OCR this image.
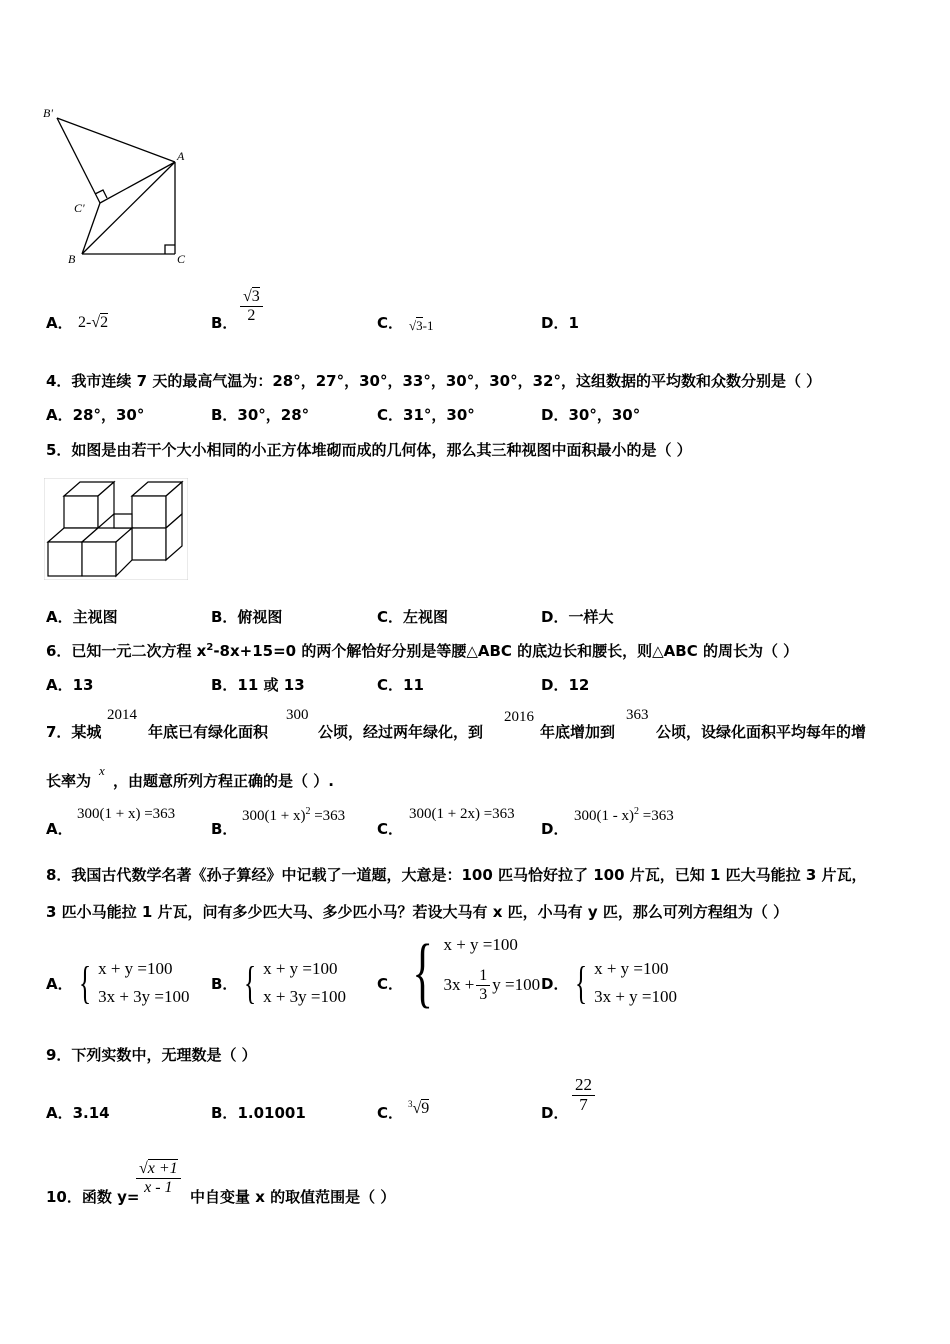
B'
A
C'
B	C
A． 2-√2	B． $\frac{√3}{2}$	C． √3-1	D．1
4．我市连续 7 天的最高气温为：28°，27°，30°，33°，30°，30°，32°，这组数据的平均数和众数分别是（ ）
A．28°，30°	B．30°，28°	C．31°，30°	D．30°，30°
5．如图是由若干个大小相同的小正方体堆砌而成的几何体，那么其三种视图中面积最小的是（ ）
A．主视图	B．俯视图	C．左视图	D．一样大
6．已知一元二次方程 $x^2-8x+15=0$ 的两个解恰好分别是等腰△ABC 的底边长和腰长，则△ABC 的周长为（ ）
A．13	B．11 或 13	C．11	D．12
7．某城
2014
年底已有绿化面积
300
公顷，经过两年绿化，到
2016
年底增加到
363
公顷，设绿化面积平均每年的增
长率为
x
，由题意所列方程正确的是（ ）.
A．
300(1 + x) =363
B．
$300(1 + x)^2 =363$
C．
300(1 + 2x) =363
D．
300(1 - x)$^2$ =363
8．我国古代数学名著《孙子算经》中记载了一道题，大意是：100 匹马恰好拉了 100 片瓦，已知 1 匹大马能拉 3 片瓦，
3 匹小马能拉 1 片瓦，问有多少匹大马、多少匹小马？若设大马有 x 匹，小马有 y 匹，那么可列方程组为（ ）
A． { x + y =100
3x + 3y =100
B． { x + y =100
x + 3y =100
C． { x + y =100
$3x + \frac{1}{3}$ y =100 D． { x + y =100
3x + y =100
9．下列实数中，无理数是（ ）
A．3.14	B．1.01001	C． $^3$√9	D． $\frac{22}{7}$
10．函数 y=
$\frac{√x +1}{x - 1}$
中自变量 x 的取值范围是（ ）
